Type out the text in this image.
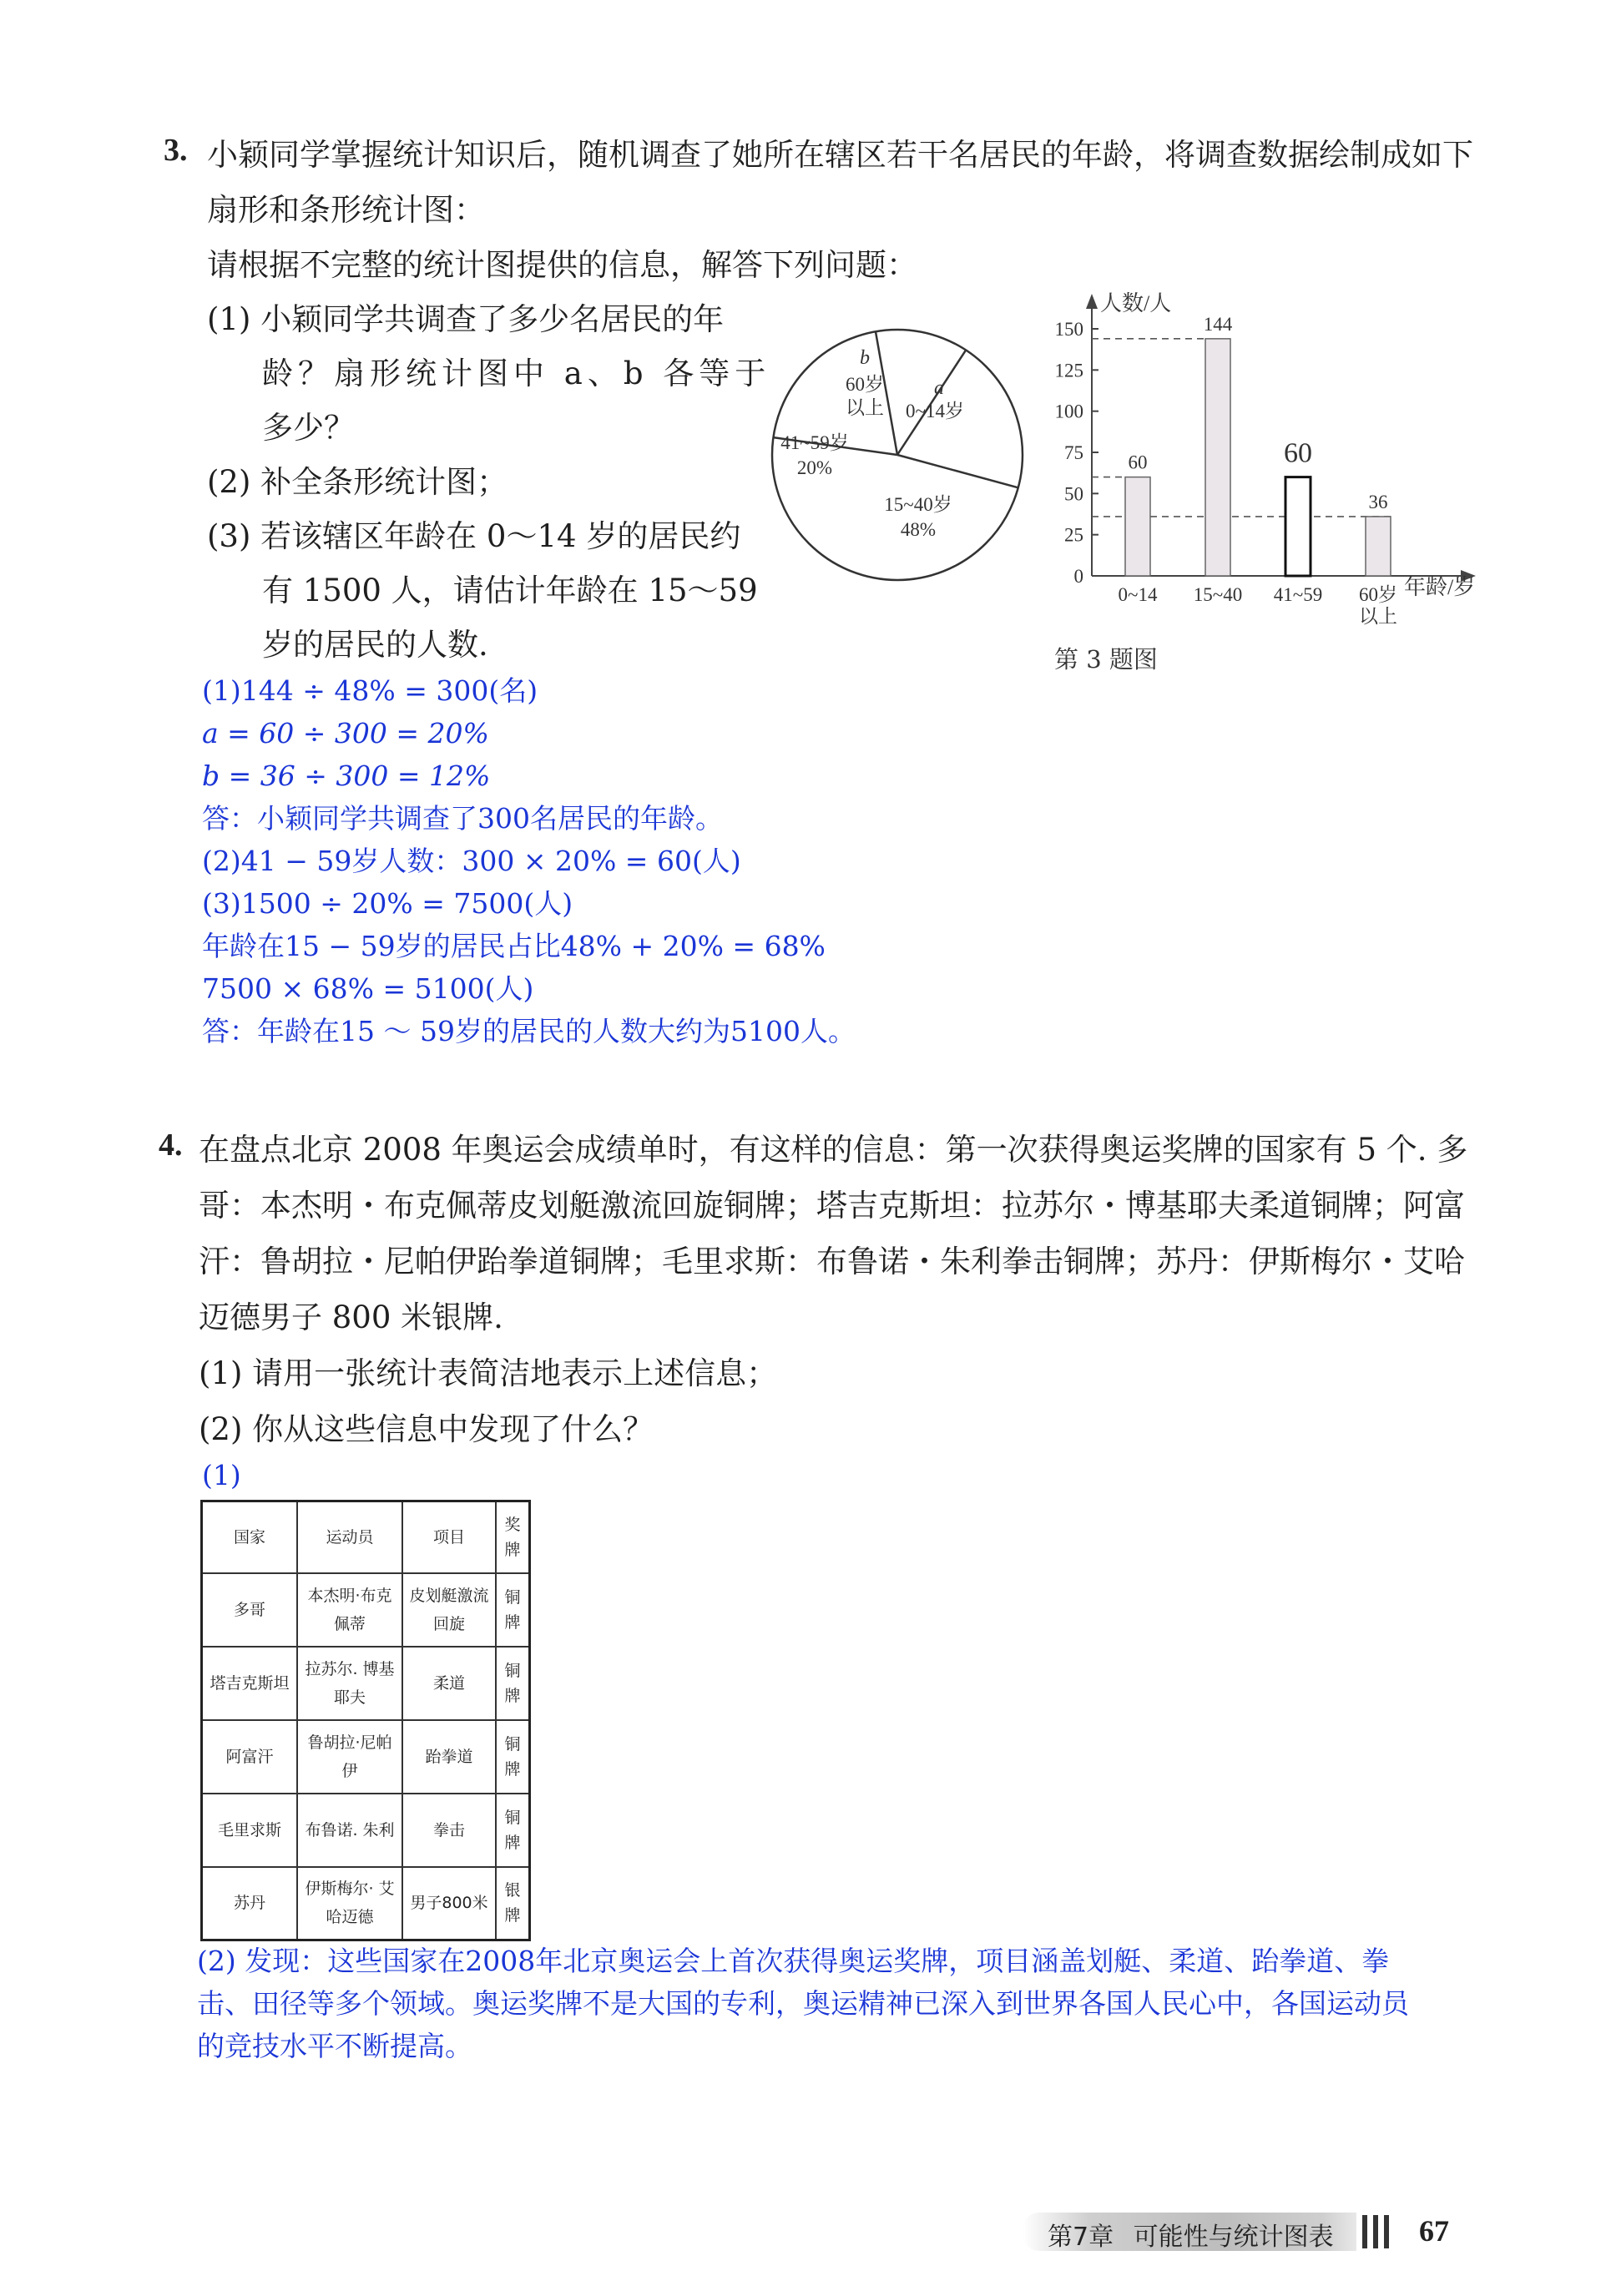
3. 小颖同学掌握统计知识后，随机调查了她所在辖区若干名居民的年龄，将调查数据绘制成如下
扇形和条形统计图：
请根据不完整的统计图提供的信息，解答下列问题：
(1) 小颖同学共调查了多少名居民的年
龄？扇形统计图中 a、b 各等于
多少？
(2) 补全条形统计图；
(3) 若该辖区年龄在 0～14 岁的居民约
有 1500 人，请估计年龄在 15～59
岁的居民的人数.
b
60岁
以上
a
0~14岁
15~40岁
48%
41~59岁
20%
0
25
50
75
100
125
150
60
0~14
144
15~40
60
41~59
36
60岁
以上
人数/人
年龄/岁
第 3 题图
(1)144 ÷ 48% = 300(名)
a = 60 ÷ 300 = 20%
b = 36 ÷ 300 = 12%
答：小颖同学共调查了300名居民的年龄。
(2)41 − 59岁人数：300 × 20% = 60(人)
(3)1500 ÷ 20% = 7500(人)
年龄在15 − 59岁的居民占比48% + 20% = 68%
7500 × 68% = 5100(人)
答：年龄在15 ～ 59岁的居民的人数大约为5100人。
4. 在盘点北京 2008 年奥运会成绩单时，有这样的信息：第一次获得奥运奖牌的国家有 5 个. 多
哥：本杰明・布克佩蒂皮划艇激流回旋铜牌；塔吉克斯坦：拉苏尔・博基耶夫柔道铜牌；阿富
汗：鲁胡拉・尼帕伊跆拳道铜牌；毛里求斯：布鲁诺・朱利拳击铜牌；苏丹：伊斯梅尔・艾哈
迈德男子 800 米银牌.
(1) 请用一张统计表简洁地表示上述信息；
(2) 你从这些信息中发现了什么？
(1)
国家	运动员	项目	奖牌
多哥	本杰明·布克佩蒂	皮划艇激流回旋	铜牌
塔吉克斯坦	拉苏尔. 博基耶夫	柔道	铜牌
阿富汗	鲁胡拉·尼帕伊	跆拳道	铜牌
毛里求斯	布鲁诺. 朱利	拳击	铜牌
苏丹	伊斯梅尔· 艾哈迈德	男子800米	银牌
(2) 发现：这些国家在2008年北京奥运会上首次获得奥运奖牌，项目涵盖划艇、柔道、跆拳道、拳
击、田径等多个领域。奥运奖牌不是大国的专利，奥运精神已深入到世界各国人民心中，各国运动员
的竞技水平不断提高。
第7章 可能性与统计图表	67
